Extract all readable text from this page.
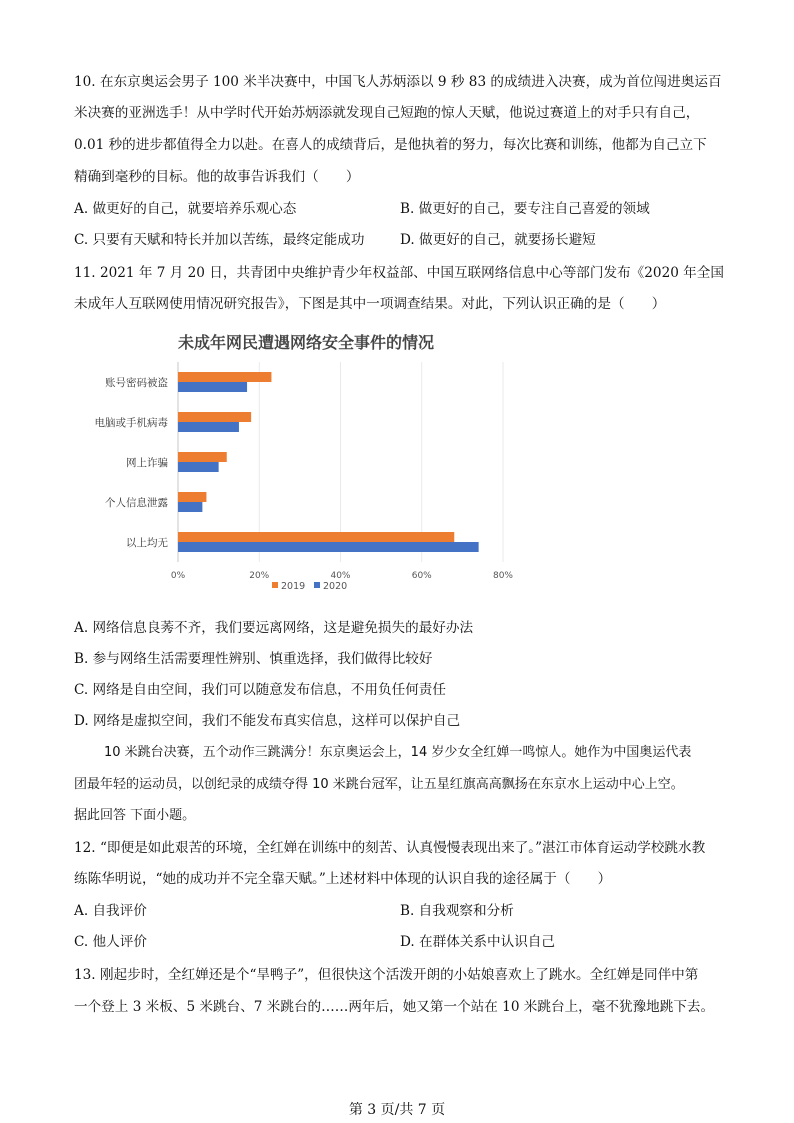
10. 在东京奥运会男子 100 米半决赛中，中国飞人苏炳添以 9 秒 83 的成绩进入决赛，成为首位闯进奥运百
米决赛的亚洲选手！从中学时代开始苏炳添就发现自己短跑的惊人天赋，他说过赛道上的对手只有自己，
0.01 秒的进步都值得全力以赴。在喜人的成绩背后，是他执着的努力，每次比赛和训练，他都为自己立下
精确到毫秒的目标。他的故事告诉我们（　　）
A. 做更好的自己，就要培养乐观心态	B. 做更好的自己，要专注自己喜爱的领域
C. 只要有天赋和特长并加以苦练，最终定能成功	D. 做更好的自己，就要扬长避短
11. 2021 年 7 月 20 日，共青团中央维护青少年权益部、中国互联网络信息中心等部门发布《2020 年全国
未成年人互联网使用情况研究报告》，下图是其中一项调查结果。对此，下列认识正确的是（　　）
未成年网民遭遇网络安全事件的情况
账号密码被盗
电脑或手机病毒
网上诈骗
个人信息泄露
以上均无
0%	20%	40%	60%	80%
2019 2020
A. 网络信息良莠不齐，我们要远离网络，这是避免损失的最好办法
B. 参与网络生活需要理性辨别、慎重选择，我们做得比较好
C. 网络是自由空间，我们可以随意发布信息，不用负任何责任
D. 网络是虚拟空间，我们不能发布真实信息，这样可以保护自己
10 米跳台决赛，五个动作三跳满分！东京奥运会上，14 岁少女全红婵一鸣惊人。她作为中国奥运代表
团最年轻的运动员，以创纪录的成绩夺得 10 米跳台冠军，让五星红旗高高飘扬在东京水上运动中心上空。
据此回答 下面小题。
12. “即便是如此艰苦的环境，全红婵在训练中的刻苦、认真慢慢表现出来了。”湛江市体育运动学校跳水教
练陈华明说，“她的成功并不完全靠天赋。”上述材料中体现的认识自我的途径属于（　　）
A. 自我评价	B. 自我观察和分析
C. 他人评价	D. 在群体关系中认识自己
13. 刚起步时，全红婵还是个“旱鸭子”，但很快这个活泼开朗的小姑娘喜欢上了跳水。全红婵是同伴中第
一个登上 3 米板、5 米跳台、7 米跳台的……两年后，她又第一个站在 10 米跳台上，毫不犹豫地跳下去。
第 3 页/共 7 页
